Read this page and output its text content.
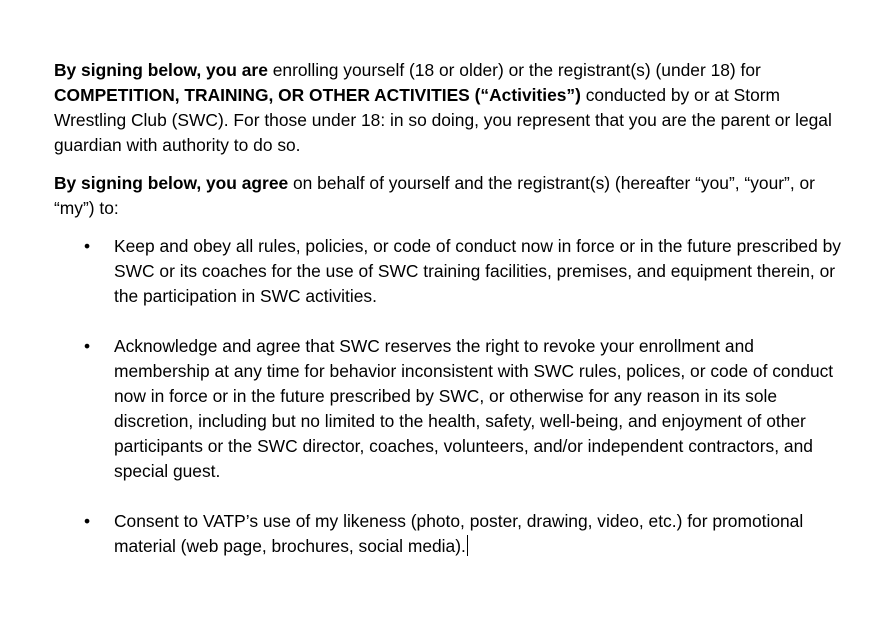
By signing below, you are enrolling yourself (18 or older) or the registrant(s) (under 18) for COMPETITION, TRAINING, OR OTHER ACTIVITIES (“Activities”) conducted by or at Storm Wrestling Club (SWC). For those under 18: in so doing, you represent that you are the parent or legal guardian with authority to do so.

By signing below, you agree on behalf of yourself and the registrant(s) (hereafter “you”, “your”, or “my”) to:

•	Keep and obey all rules, policies, or code of conduct now in force or in the future prescribed by SWC or its coaches for the use of SWC training facilities, premises, and equipment therein, or the participation in SWC activities.
•	Acknowledge and agree that SWC reserves the right to revoke your enrollment and membership at any time for behavior inconsistent with SWC rules, polices, or code of conduct now in force or in the future prescribed by SWC, or otherwise for any reason in its sole discretion, including but no limited to the health, safety, well-being, and enjoyment of other participants or the SWC director, coaches, volunteers, and/or independent contractors, and special guest.
•	Consent to VATP’s use of my likeness (photo, poster, drawing, video, etc.) for promotional material (web page, brochures, social media).
